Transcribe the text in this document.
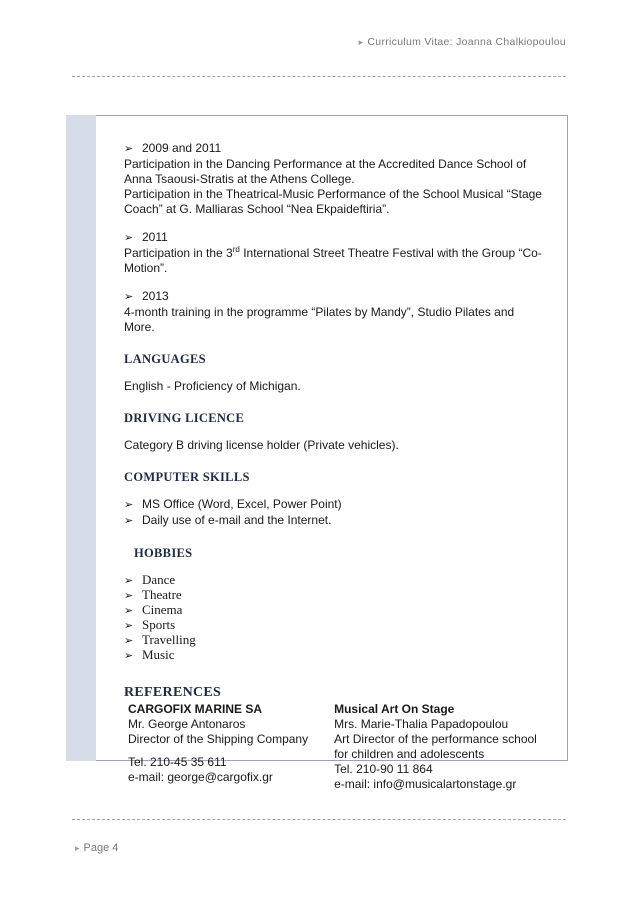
▸ Curriculum Vitae: Joanna Chalkiopoulou
➢ 2009 and 2011

Participation in the Dancing Performance at the Accredited Dance School of Anna Tsaousi-Stratis at the Athens College.

Participation in the Theatrical-Music Performance of the School Musical “Stage Coach” at G. Malliaras School “Nea Ekpaideftiria”.

➢ 2011

Participation in the 3rd International Street Theatre Festival with the Group “Co-Motion”.

➢ 2013

4-month training in the programme “Pilates by Mandy”, Studio Pilates and More.

LANGUAGES

English - Proficiency of Michigan.

DRIVING LICENCE

Category B driving license holder (Private vehicles).

COMPUTER SKILLS
➢ MS Office (Word, Excel, Power Point)
➢ Daily use of e-mail and the Internet.
HOBBIES
➢ Dance
➢ Theatre
➢ Cinema
➢ Sports
➢ Travelling
➢ Music
REFERENCES
CARGOFIX MARINE SA
Mr. George Antonaros
Director of the Shipping Company
Tel. 210-45 35 611
e-mail: george@cargofix.gr
Musical Art On Stage
Mrs. Marie-Thalia Papadopoulou
Art Director of the performance school
for children and adolescents
Tel. 210-90 11 864
e-mail: info@musicalartonstage.gr
▸ Page 4
